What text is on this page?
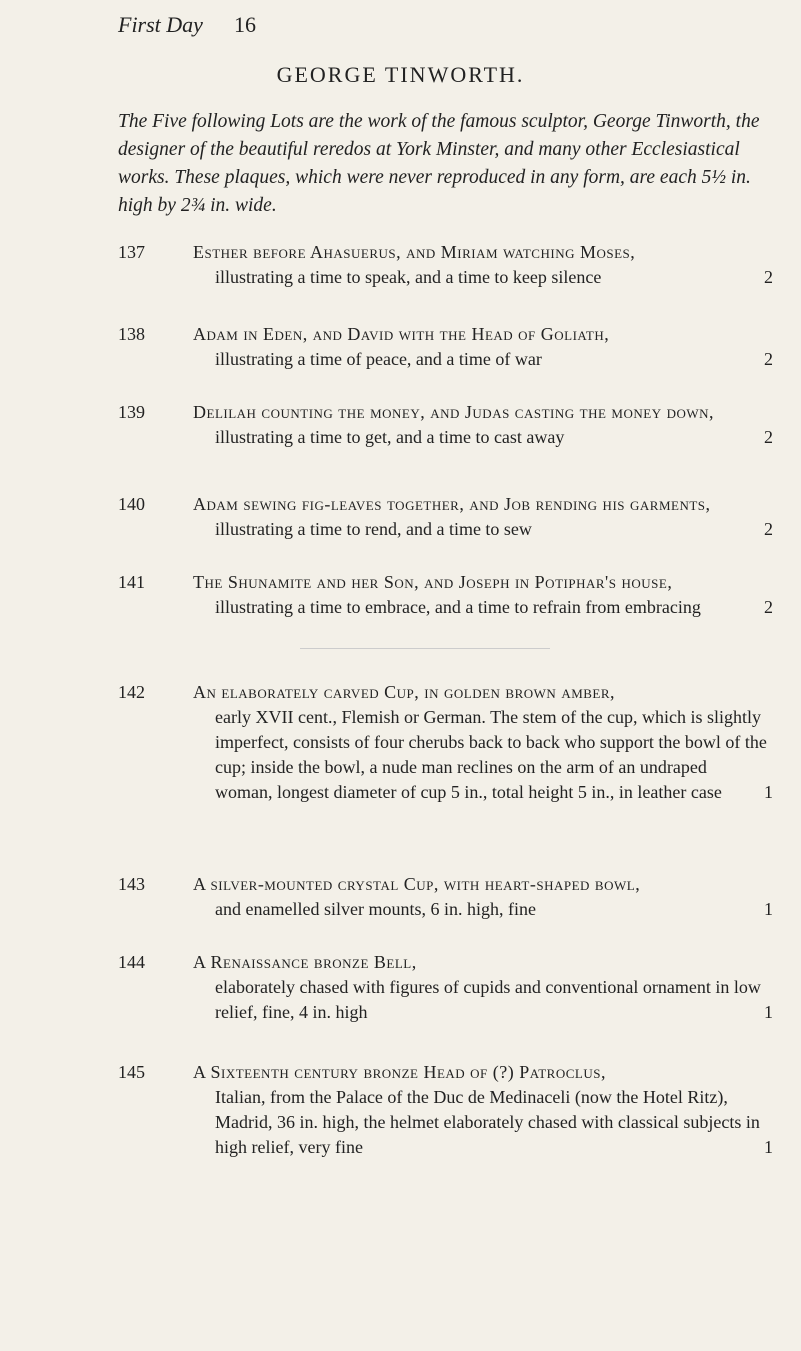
First Day 16
GEORGE TINWORTH.

The Five following Lots are the work of the famous sculptor, George Tinworth, the designer of the beautiful reredos at York Minster, and many other Ecclesiastical works. These plaques, which were never reproduced in any form, are each 5½ in. high by 2¾ in. wide.

137	Esther before Ahasuerus, and Miriam watching Moses,
illustrating a time to speak, and a time to keep silence	2
138	Adam in Eden, and David with the Head of Goliath,
illustrating a time of peace, and a time of war	2
139	Delilah counting the money, and Judas casting the money down,
illustrating a time to get, and a time to cast away	2
140	Adam sewing fig-leaves together, and Job rending his garments,
illustrating a time to rend, and a time to sew	2
141	The Shunamite and her Son, and Joseph in Potiphar's house,
illustrating a time to embrace, and a time to refrain from embracing	2
142	An elaborately carved Cup, in golden brown amber,
early XVII cent., Flemish or German. The stem of the cup, which is slightly imperfect, consists of four cherubs back to back who support the bowl of the cup; inside the bowl, a nude man reclines on the arm of an undraped woman, longest diameter of cup 5 in., total height 5 in., in leather case	1
143	A silver-mounted crystal Cup, with heart-shaped bowl,
and enamelled silver mounts, 6 in. high, fine	1
144	A Renaissance bronze Bell,
elaborately chased with figures of cupids and conventional ornament in low relief, fine, 4 in. high	1
145	A Sixteenth century bronze Head of (?) Patroclus,
Italian, from the Palace of the Duc de Medinaceli (now the Hotel Ritz), Madrid, 36 in. high, the helmet elaborately chased with classical subjects in high relief, very fine	1
